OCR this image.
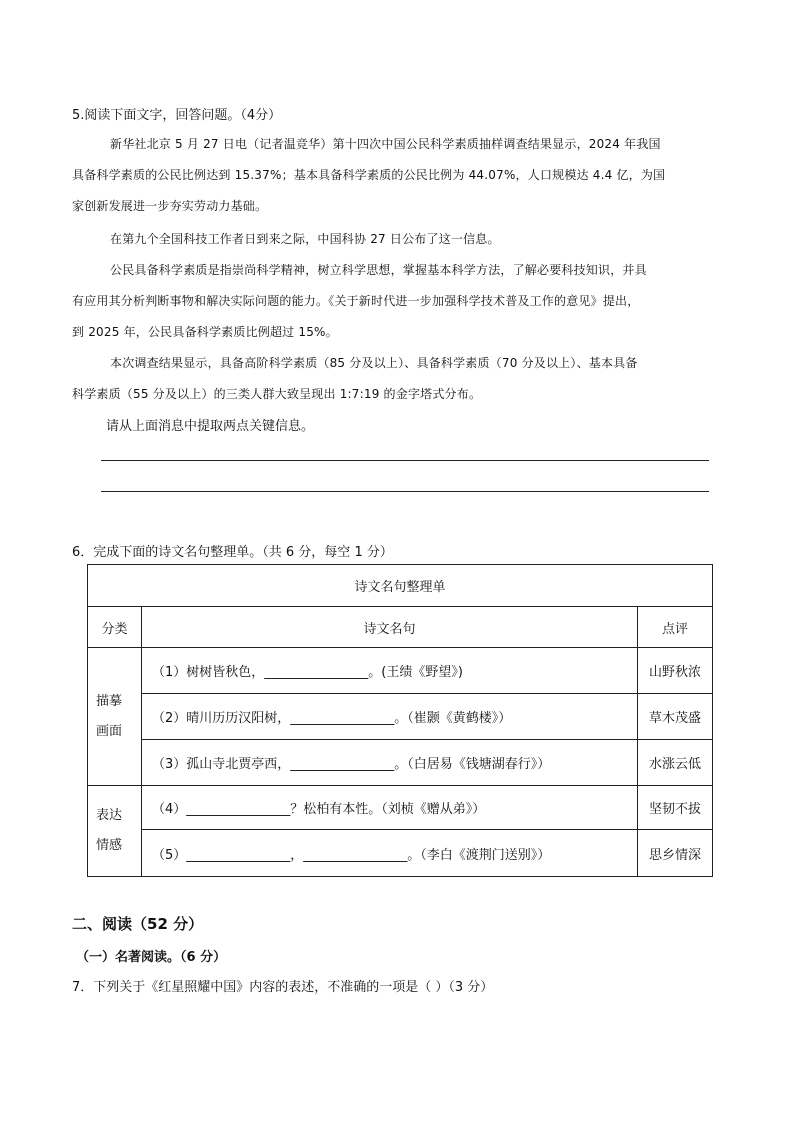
5.阅读下面文字，回答问题。（4分）
新华社北京 5 月 27 日电（记者温竞华）第十四次中国公民科学素质抽样调查结果显示，2024 年我国
具备科学素质的公民比例达到 15.37%；基本具备科学素质的公民比例为 44.07%，人口规模达 4.4 亿，为国
家创新发展进一步夯实劳动力基础。
在第九个全国科技工作者日到来之际，中国科协 27 日公布了这一信息。
公民具备科学素质是指崇尚科学精神，树立科学思想，掌握基本科学方法，了解必要科技知识，并具
有应用其分析判断事物和解决实际问题的能力。《关于新时代进一步加强科学技术普及工作的意见》提出，
到 2025 年，公民具备科学素质比例超过 15%。
本次调查结果显示，具备高阶科学素质（85 分及以上）、具备科学素质（70 分及以上）、基本具备
科学素质（55 分及以上）的三类人群大致呈现出 1:7:19 的金字塔式分布。
请从上面消息中提取两点关键信息。
6．完成下面的诗文名句整理单。（共 6 分，每空 1 分）
诗文名句整理单		
分类	诗文名句	点评
描摹
画面	（1）树树皆秋色，________________。(王绩《野望》)	山野秋浓
	（2）晴川历历汉阳树，________________。（崔颢《黄鹤楼》）	草木茂盛
	（3）孤山寺北贾亭西，________________。（白居易《钱塘湖春行》）	水涨云低
表达
情感	（4）________________？松柏有本性。（刘桢《赠从弟》）	坚韧不拔
	（5）________________，________________。（李白《渡荆门送别》）	思乡情深
二、阅读（52 分）
（一）名著阅读。（6 分）
7．下列关于《红星照耀中国》内容的表述，不准确的一项是（ ）（3 分）
